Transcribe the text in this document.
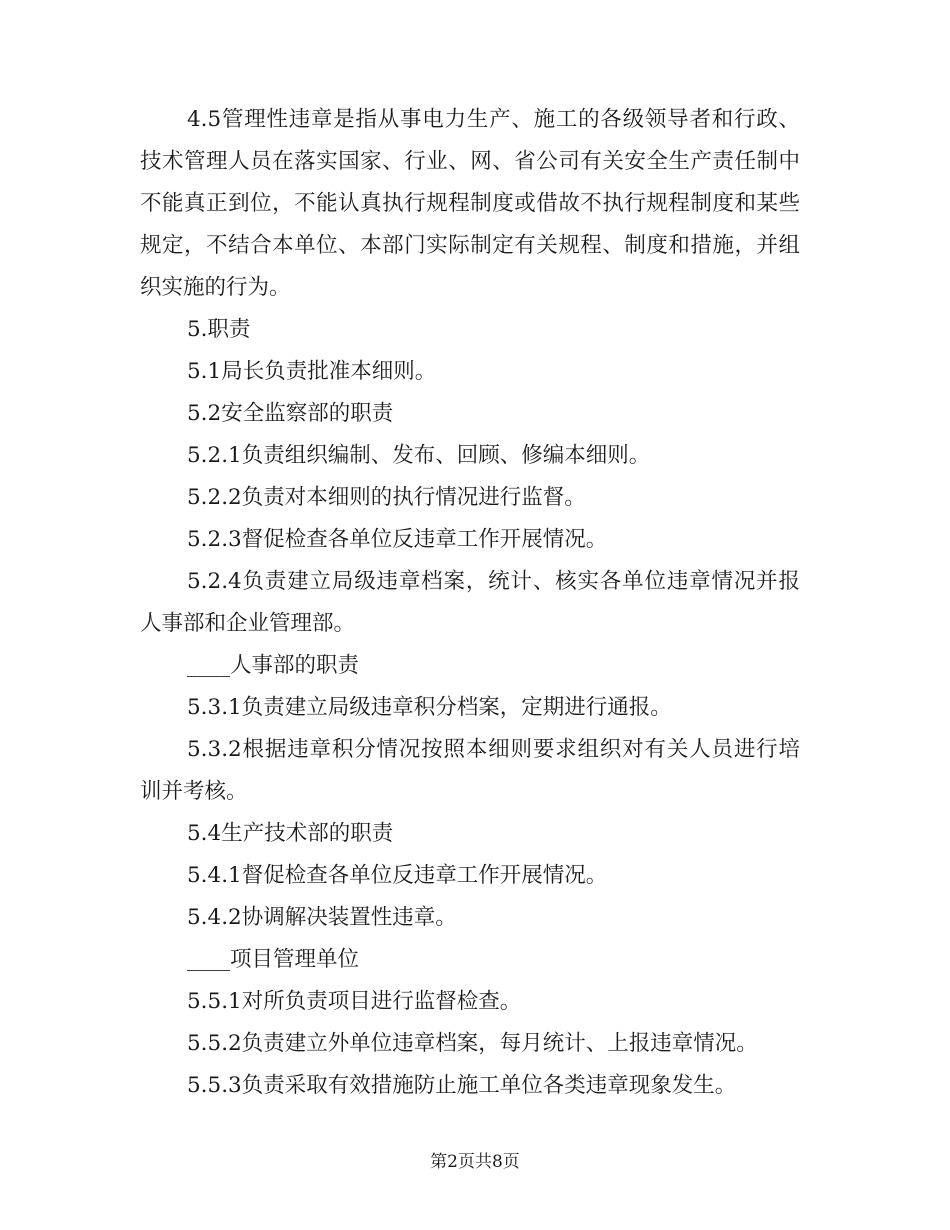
4.5管理性违章是指从事电力生产、施工的各级领导者和行政、技术管理人员在落实国家、行业、网、省公司有关安全生产责任制中不能真正到位，不能认真执行规程制度或借故不执行规程制度和某些规定，不结合本单位、本部门实际制定有关规程、制度和措施，并组织实施的行为。

5.职责

5.1局长负责批准本细则。

5.2安全监察部的职责

5.2.1负责组织编制、发布、回顾、修编本细则。

5.2.2负责对本细则的执行情况进行监督。

5.2.3督促检查各单位反违章工作开展情况。

5.2.4负责建立局级违章档案，统计、核实各单位违章情况并报人事部和企业管理部。

____人事部的职责

5.3.1负责建立局级违章积分档案，定期进行通报。

5.3.2根据违章积分情况按照本细则要求组织对有关人员进行培训并考核。

5.4生产技术部的职责

5.4.1督促检查各单位反违章工作开展情况。

5.4.2协调解决装置性违章。

____项目管理单位

5.5.1对所负责项目进行监督检查。

5.5.2负责建立外单位违章档案，每月统计、上报违章情况。

5.5.3负责采取有效措施防止施工单位各类违章现象发生。

第2页共8页
